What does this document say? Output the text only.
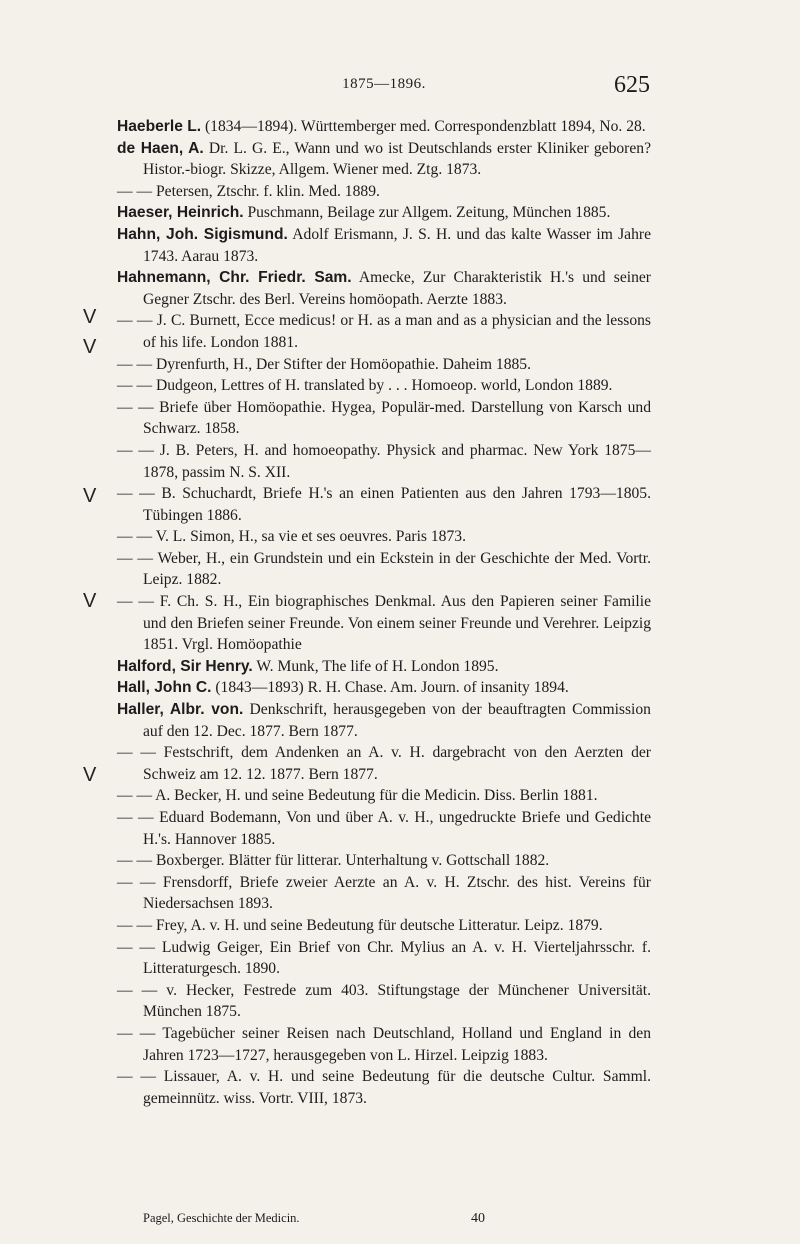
1875—1896.	625
V
V
V
V
V
Haeberle L. (1834—1894). Württemberger med. Correspondenzblatt 1894, No. 28.
de Haen, A. Dr. L. G. E., Wann und wo ist Deutschlands erster Kliniker geboren? Histor.-biogr. Skizze, Allgem. Wiener med. Ztg. 1873.
— — Petersen, Ztschr. f. klin. Med. 1889.
Haeser, Heinrich. Puschmann, Beilage zur Allgem. Zeitung, München 1885.
Hahn, Joh. Sigismund. Adolf Erismann, J. S. H. und das kalte Wasser im Jahre 1743. Aarau 1873.
Hahnemann, Chr. Friedr. Sam. Amecke, Zur Charakteristik H.'s und seiner Gegner Ztschr. des Berl. Vereins homöopath. Aerzte 1883.
— — J. C. Burnett, Ecce medicus! or H. as a man and as a physician and the lessons of his life. London 1881.
— — Dyrenfurth, H., Der Stifter der Homöopathie. Daheim 1885.
— — Dudgeon, Lettres of H. translated by . . . Homoeop. world, London 1889.
— — Briefe über Homöopathie. Hygea, Populär-med. Darstellung von Karsch und Schwarz. 1858.
— — J. B. Peters, H. and homoeopathy. Physick and pharmac. New York 1875—1878, passim N. S. XII.
— — B. Schuchardt, Briefe H.'s an einen Patienten aus den Jahren 1793—1805. Tübingen 1886.
— — V. L. Simon, H., sa vie et ses oeuvres. Paris 1873.
— — Weber, H., ein Grundstein und ein Eckstein in der Geschichte der Med. Vortr. Leipz. 1882.
— — F. Ch. S. H., Ein biographisches Denkmal. Aus den Papieren seiner Familie und den Briefen seiner Freunde. Von einem seiner Freunde und Verehrer. Leipzig 1851. Vrgl. Homöopathie
Halford, Sir Henry. W. Munk, The life of H. London 1895.
Hall, John C. (1843—1893) R. H. Chase. Am. Journ. of insanity 1894.
Haller, Albr. von. Denkschrift, herausgegeben von der beauftragten Commission auf den 12. Dec. 1877. Bern 1877.
— — Festschrift, dem Andenken an A. v. H. dargebracht von den Aerzten der Schweiz am 12. 12. 1877. Bern 1877.
— — A. Becker, H. und seine Bedeutung für die Medicin. Diss. Berlin 1881.
— — Eduard Bodemann, Von und über A. v. H., ungedruckte Briefe und Gedichte H.'s. Hannover 1885.
— — Boxberger. Blätter für litterar. Unterhaltung v. Gottschall 1882.
— — Frensdorff, Briefe zweier Aerzte an A. v. H. Ztschr. des hist. Vereins für Niedersachsen 1893.
— — Frey, A. v. H. und seine Bedeutung für deutsche Litteratur. Leipz. 1879.
— — Ludwig Geiger, Ein Brief von Chr. Mylius an A. v. H. Vierteljahrsschr. f. Litteraturgesch. 1890.
— — v. Hecker, Festrede zum 403. Stiftungstage der Münchener Universität. München 1875.
— — Tagebücher seiner Reisen nach Deutschland, Holland und England in den Jahren 1723—1727, herausgegeben von L. Hirzel. Leipzig 1883.
— — Lissauer, A. v. H. und seine Bedeutung für die deutsche Cultur. Samml. gemeinnütz. wiss. Vortr. VIII, 1873.
Pagel, Geschichte der Medicin.	40
